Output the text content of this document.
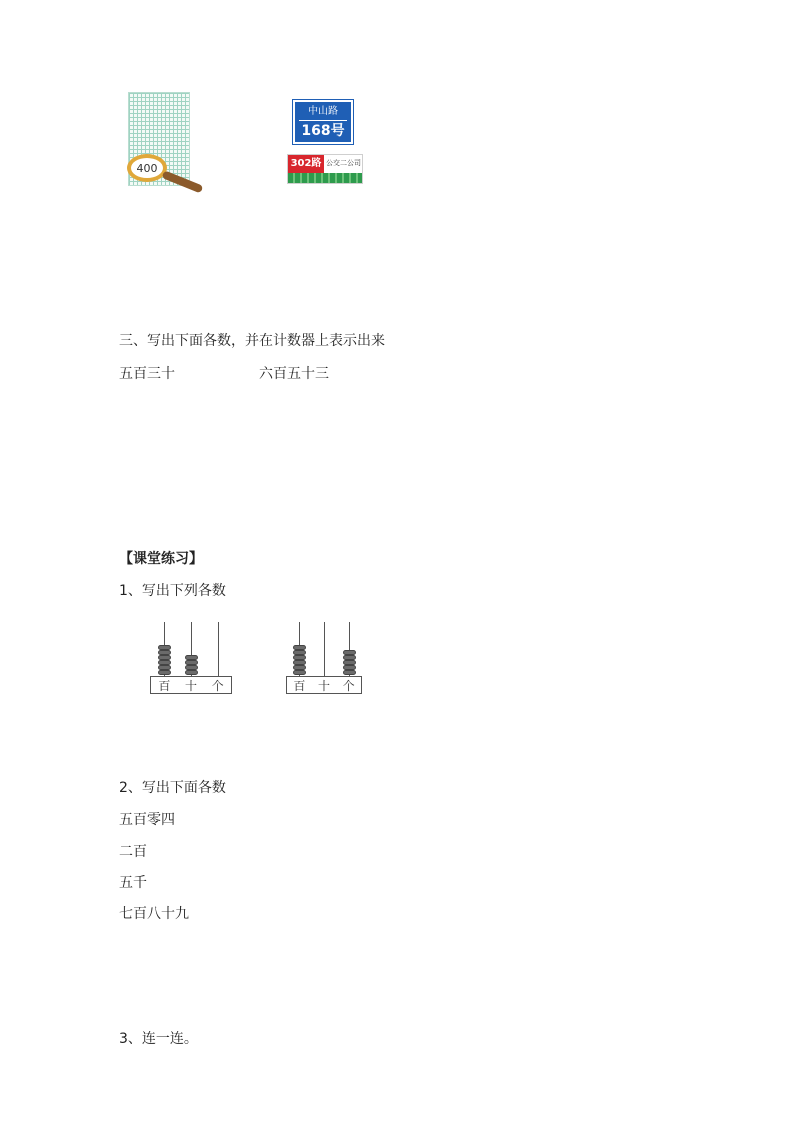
400
中山路
168号
302路 公交二公司
三、写出下面各数，并在计数器上表示出来
五百三十	六百五十三
【课堂练习】
1、写出下列各数
百 十 个	百 十 个
2、写出下面各数
五百零四
二百
五千
七百八十九
3、连一连。
